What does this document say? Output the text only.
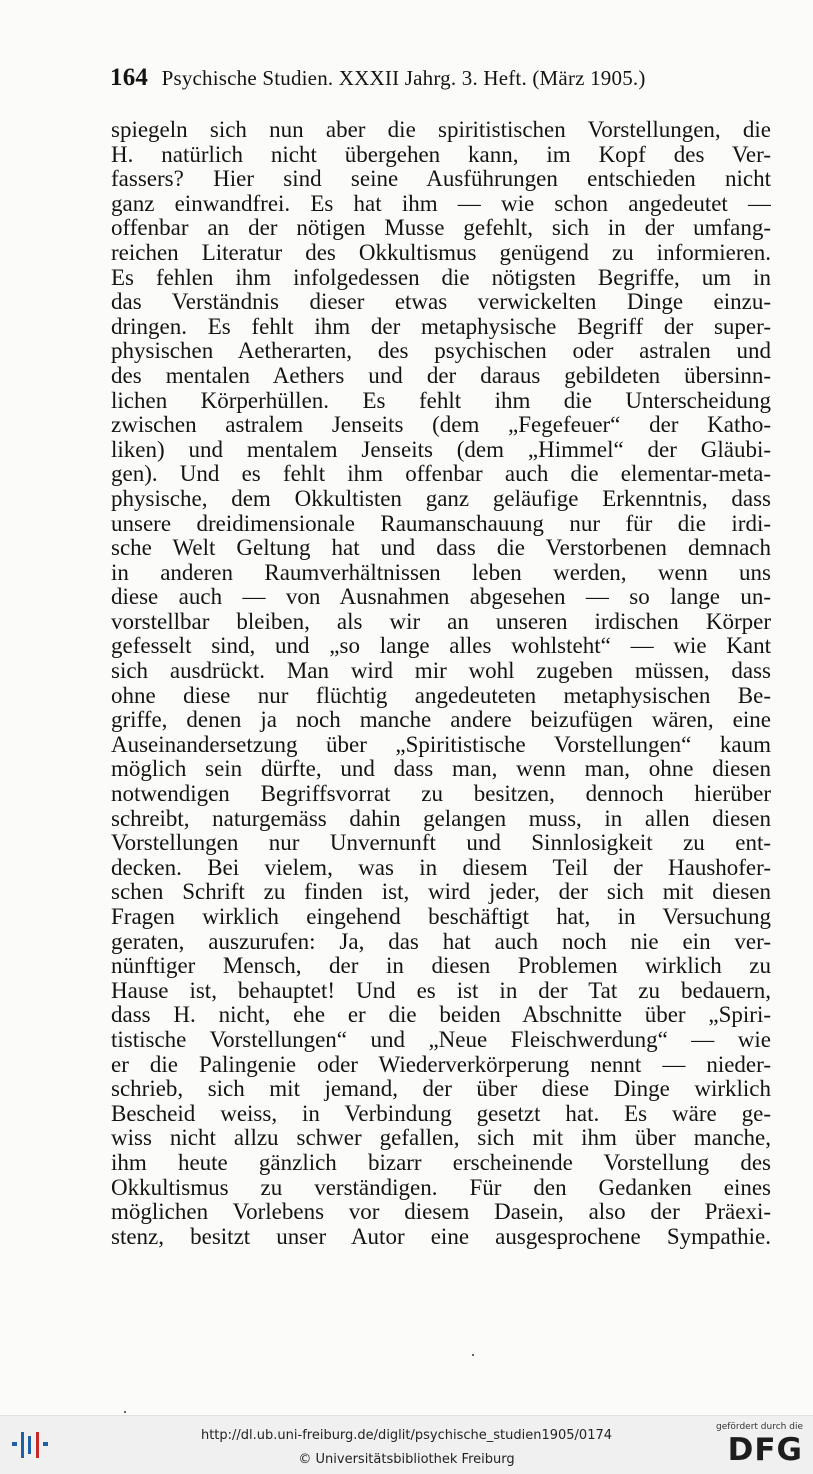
164 Psychische Studien. XXXII Jahrg. 3. Heft. (März 1905.)
spiegeln sich nun aber die spiritistischen Vorstellungen, die
H. natürlich nicht übergehen kann, im Kopf des Ver-
fassers? Hier sind seine Ausführungen entschieden nicht
ganz einwandfrei. Es hat ihm — wie schon angedeutet —
offenbar an der nötigen Musse gefehlt, sich in der umfang-
reichen Literatur des Okkultismus genügend zu informieren.
Es fehlen ihm infolgedessen die nötigsten Begriffe, um in
das Verständnis dieser etwas verwickelten Dinge einzu-
dringen. Es fehlt ihm der metaphysische Begriff der super-
physischen Aetherarten, des psychischen oder astralen und
des mentalen Aethers und der daraus gebildeten übersinn-
lichen Körperhüllen. Es fehlt ihm die Unterscheidung
zwischen astralem Jenseits (dem „Fegefeuer“ der Katho-
liken) und mentalem Jenseits (dem „Himmel“ der Gläubi-
gen). Und es fehlt ihm offenbar auch die elementar-meta-
physische, dem Okkultisten ganz geläufige Erkenntnis, dass
unsere dreidimensionale Raumanschauung nur für die irdi-
sche Welt Geltung hat und dass die Verstorbenen demnach
in anderen Raumverhältnissen leben werden, wenn uns
diese auch — von Ausnahmen abgesehen — so lange un-
vorstellbar bleiben, als wir an unseren irdischen Körper
gefesselt sind, und „so lange alles wohlsteht“ — wie Kant
sich ausdrückt. Man wird mir wohl zugeben müssen, dass
ohne diese nur flüchtig angedeuteten metaphysischen Be-
griffe, denen ja noch manche andere beizufügen wären, eine
Auseinandersetzung über „Spiritistische Vorstellungen“ kaum
möglich sein dürfte, und dass man, wenn man, ohne diesen
notwendigen Begriffsvorrat zu besitzen, dennoch hierüber
schreibt, naturgemäss dahin gelangen muss, in allen diesen
Vorstellungen nur Unvernunft und Sinnlosigkeit zu ent-
decken. Bei vielem, was in diesem Teil der Haushofer-
schen Schrift zu finden ist, wird jeder, der sich mit diesen
Fragen wirklich eingehend beschäftigt hat, in Versuchung
geraten, auszurufen: Ja, das hat auch noch nie ein ver-
nünftiger Mensch, der in diesen Problemen wirklich zu
Hause ist, behauptet! Und es ist in der Tat zu bedauern,
dass H. nicht, ehe er die beiden Abschnitte über „Spiri-
tistische Vorstellungen“ und „Neue Fleischwerdung“ — wie
er die Palingenie oder Wiederverkörperung nennt — nieder-
schrieb, sich mit jemand, der über diese Dinge wirklich
Bescheid weiss, in Verbindung gesetzt hat. Es wäre ge-
wiss nicht allzu schwer gefallen, sich mit ihm über manche,
ihm heute gänzlich bizarr erscheinende Vorstellung des
Okkultismus zu verständigen. Für den Gedanken eines
möglichen Vorlebens vor diesem Dasein, also der Präexi-
stenz, besitzt unser Autor eine ausgesprochene Sympathie.
http://dl.ub.uni-freiburg.de/diglit/psychische_studien1905/0174
© Universitätsbibliothek Freiburg
gefördert durch die
DFG
